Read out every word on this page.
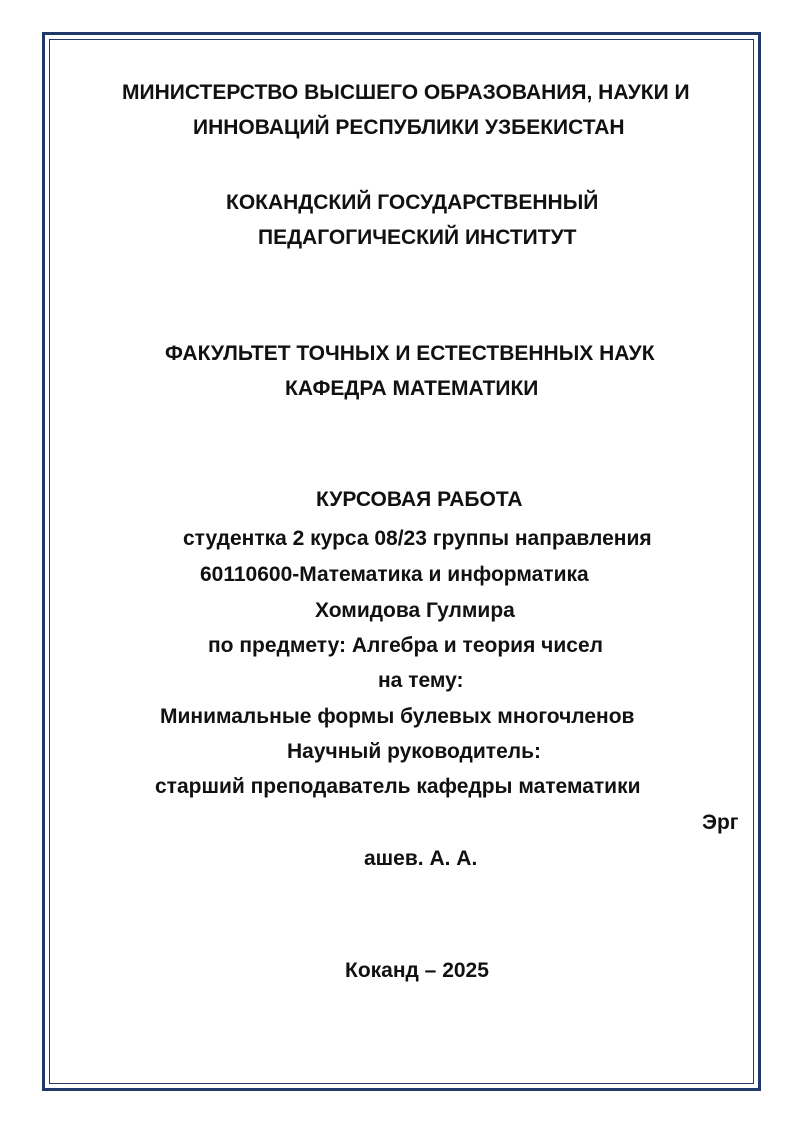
МИНИСТЕРСТВО ВЫСШЕГО ОБРАЗОВАНИЯ, НАУКИ И
ИННОВАЦИЙ РЕСПУБЛИКИ УЗБЕКИСТАН
КОКАНДСКИЙ ГОСУДАРСТВЕННЫЙ
ПЕДАГОГИЧЕСКИЙ ИНСТИТУТ
ФАКУЛЬТЕТ ТОЧНЫХ И ЕСТЕСТВЕННЫХ НАУК
КАФЕДРА МАТЕМАТИКИ
КУРСОВАЯ РАБОТА
студентка 2 курса 08/23 группы направления
60110600-Математика и информатика
Хомидова Гулмира
по предмету: Алгебра и теория чисел
на тему:
Минимальные формы булевых многочленов
Научный руководитель:
старший преподаватель кафедры математики
Эрг
ашев. А. А.
Коканд – 2025
